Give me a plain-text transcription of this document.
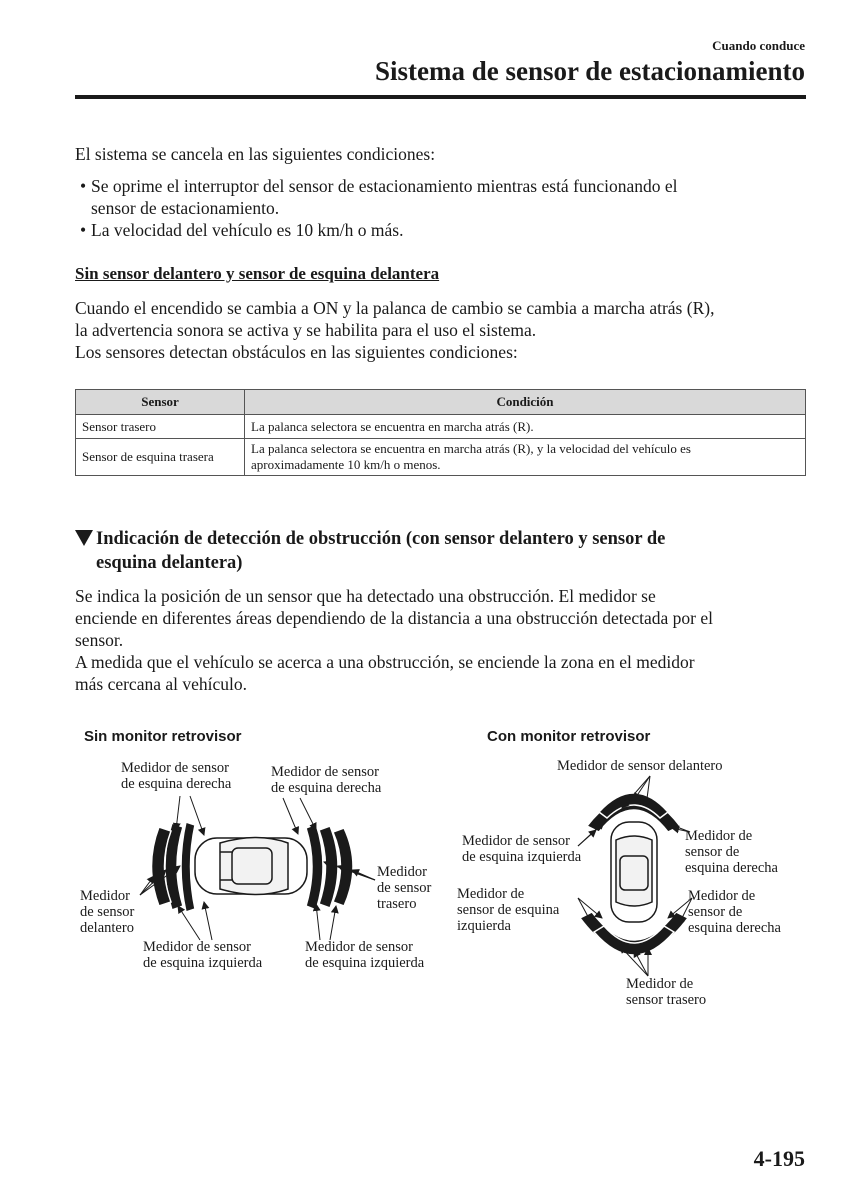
Cuando conduce
Sistema de sensor de estacionamiento
El sistema se cancela en las siguientes condiciones:
• Se oprime el interruptor del sensor de estacionamiento mientras está funcionando el
sensor de estacionamiento.
• La velocidad del vehículo es 10 km/h o más.
Sin sensor delantero y sensor de esquina delantera
Cuando el encendido se cambia a ON y la palanca de cambio se cambia a marcha atrás (R),
la advertencia sonora se activa y se habilita para el uso el sistema.
Los sensores detectan obstáculos en las siguientes condiciones:
Sensor	Condición
Sensor trasero	La palanca selectora se encuentra en marcha atrás (R).
Sensor de esquina trasera	La palanca selectora se encuentra en marcha atrás (R), y la velocidad del vehículo es
aproximadamente 10 km/h o menos.
Indicación de detección de obstrucción (con sensor delantero y sensor de
esquina delantera)
Se indica la posición de un sensor que ha detectado una obstrucción. El medidor se
enciende en diferentes áreas dependiendo de la distancia a una obstrucción detectada por el
sensor.
A medida que el vehículo se acerca a una obstrucción, se enciende la zona en el medidor
más cercana al vehículo.
Sin monitor retrovisor	Con monitor retrovisor
Medidor de sensor
de esquina derecha
Medidor de sensor
de esquina derecha
Medidor
de sensor
delantero
Medidor
de sensor
trasero
Medidor de sensor
de esquina izquierda
Medidor de sensor
de esquina izquierda
Medidor de sensor delantero
Medidor de sensor
de esquina izquierda
Medidor de
sensor de
esquina derecha
Medidor de
sensor de esquina
izquierda
Medidor de
sensor de
esquina derecha
Medidor de
sensor trasero
4-195
